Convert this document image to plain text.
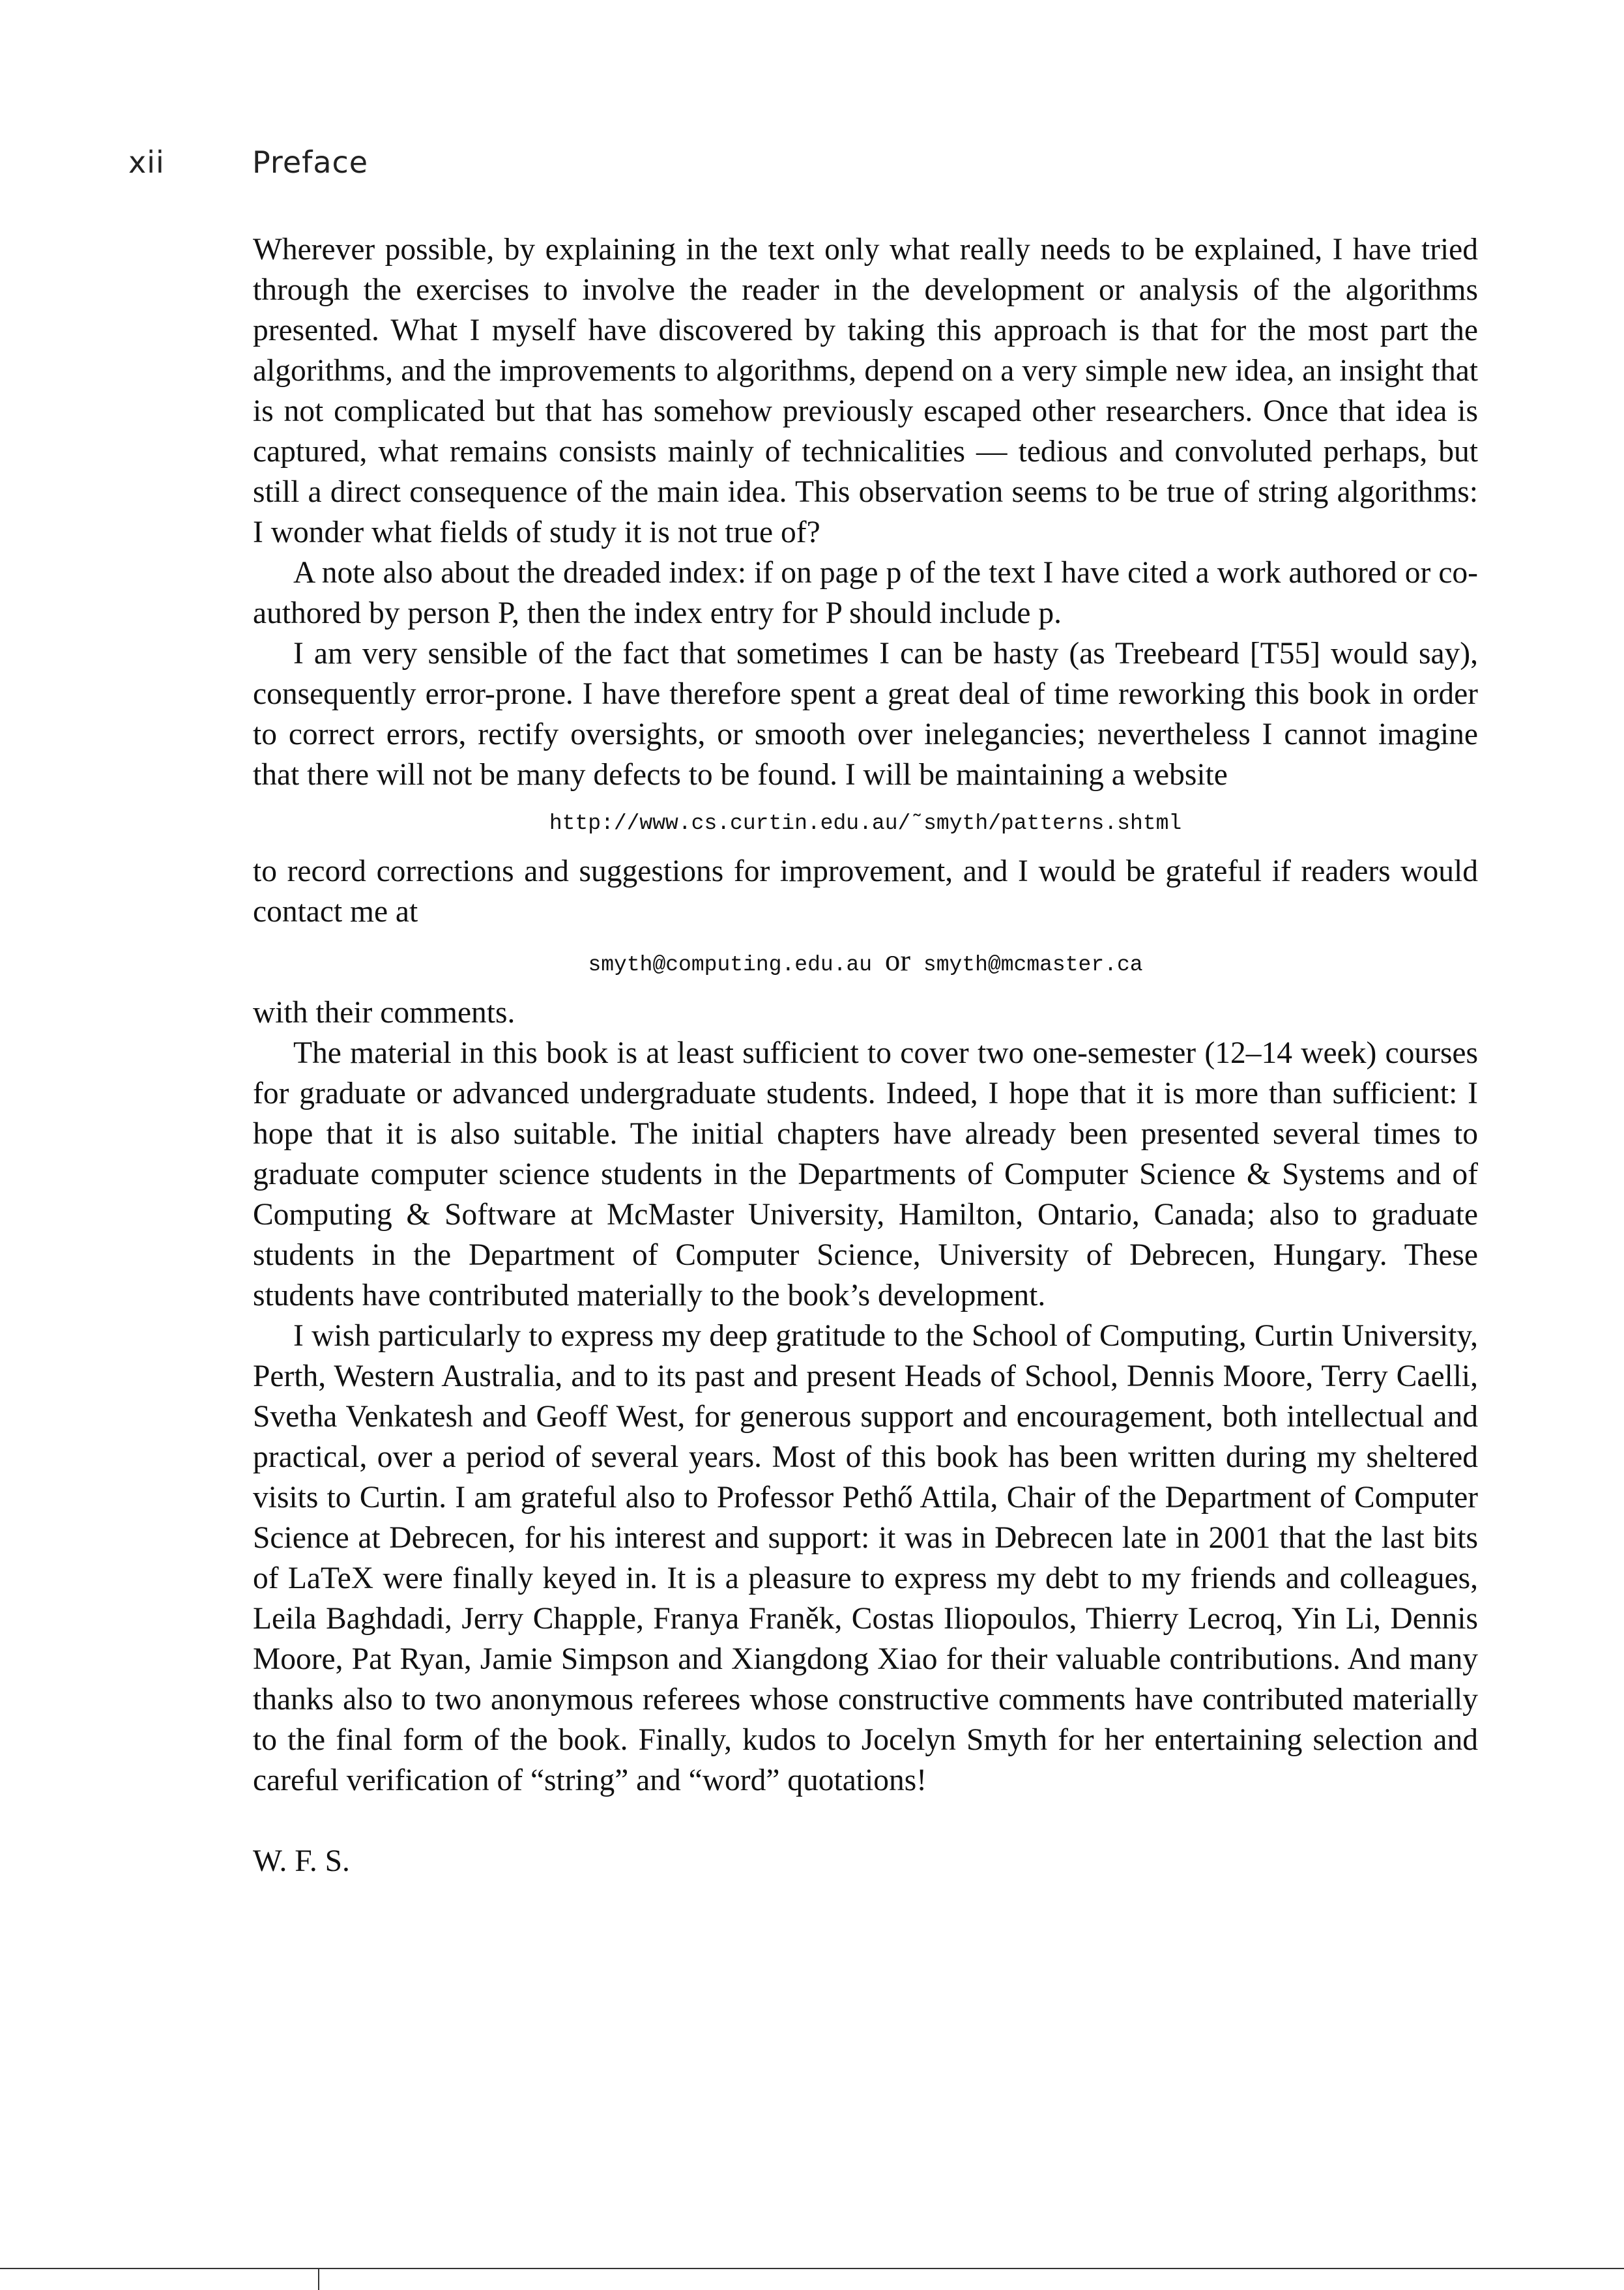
xii	Preface

Wherever possible, by explaining in the text only what really needs to be explained, I have tried through the exercises to involve the reader in the development or analysis of the algorithms presented. What I myself have discovered by taking this approach is that for the most part the algorithms, and the improvements to algorithms, depend on a very simple new idea, an insight that is not complicated but that has somehow previously escaped other researchers. Once that idea is captured, what remains consists mainly of technicalities — tedious and convoluted perhaps, but still a direct consequence of the main idea. This observation seems to be true of string algorithms: I wonder what fields of study it is not true of?

A note also about the dreaded index: if on page p of the text I have cited a work authored or co-authored by person P, then the index entry for P should include p.

I am very sensible of the fact that sometimes I can be hasty (as Treebeard [T55] would say), consequently error-prone. I have therefore spent a great deal of time reworking this book in order to correct errors, rectify oversights, or smooth over inelegancies; nevertheless I cannot imagine that there will not be many defects to be found. I will be maintaining a website

http://www.cs.curtin.edu.au/˜smyth/patterns.shtml

to record corrections and suggestions for improvement, and I would be grateful if readers would contact me at

smyth@computing.edu.au or smyth@mcmaster.ca

with their comments.

The material in this book is at least sufficient to cover two one-semester (12–14 week) courses for graduate or advanced undergraduate students. Indeed, I hope that it is more than sufficient: I hope that it is also suitable. The initial chapters have already been presented several times to graduate computer science students in the Departments of Computer Science & Systems and of Computing & Software at McMaster University, Hamilton, Ontario, Canada; also to graduate students in the Department of Computer Science, University of Debrecen, Hungary. These students have contributed materially to the book’s development.

I wish particularly to express my deep gratitude to the School of Computing, Curtin University, Perth, Western Australia, and to its past and present Heads of School, Dennis Moore, Terry Caelli, Svetha Venkatesh and Geoff West, for generous support and encouragement, both intellectual and practical, over a period of several years. Most of this book has been written during my sheltered visits to Curtin. I am grateful also to Professor Pethő Attila, Chair of the Department of Computer Science at Debrecen, for his interest and support: it was in Debrecen late in 2001 that the last bits of LaTeX were finally keyed in. It is a pleasure to express my debt to my friends and colleagues, Leila Baghdadi, Jerry Chapple, Franya Franěk, Costas Iliopoulos, Thierry Lecroq, Yin Li, Dennis Moore, Pat Ryan, Jamie Simpson and Xiangdong Xiao for their valuable contributions. And many thanks also to two anonymous referees whose constructive comments have contributed materially to the final form of the book. Finally, kudos to Jocelyn Smyth for her entertaining selection and careful verification of “string” and “word” quotations!

W. F. S.
